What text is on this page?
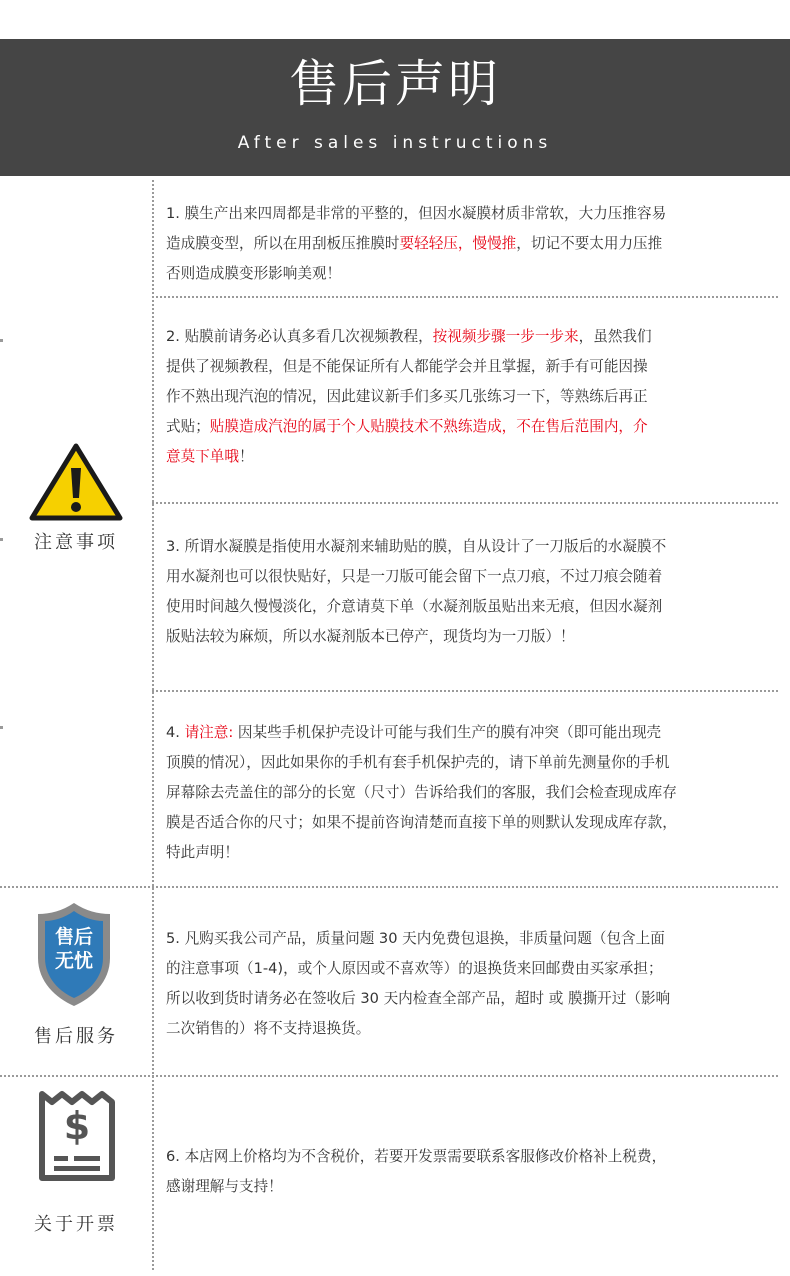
售后声明
After sales instructions
注意事项
售后
无忧
售后服务
$
关于开票

1. 膜生产出来四周都是非常的平整的，但因水凝膜材质非常软，大力压推容易
造成膜变型，所以在用刮板压推膜时要轻轻压，慢慢推，切记不要太用力压推
否则造成膜变形影响美观！

2. 贴膜前请务必认真多看几次视频教程，按视频步骤一步一步来，虽然我们
提供了视频教程，但是不能保证所有人都能学会并且掌握，新手有可能因操
作不熟出现汽泡的情况，因此建议新手们多买几张练习一下，等熟练后再正
式贴；贴膜造成汽泡的属于个人贴膜技术不熟练造成，不在售后范围内，介
意莫下单哦！

3. 所谓水凝膜是指使用水凝剂来辅助贴的膜，自从设计了一刀版后的水凝膜不
用水凝剂也可以很快贴好，只是一刀版可能会留下一点刀痕，不过刀痕会随着
使用时间越久慢慢淡化，介意请莫下单（水凝剂版虽贴出来无痕，但因水凝剂
版贴法较为麻烦，所以水凝剂版本已停产，现货均为一刀版）！

4. 请注意: 因某些手机保护壳设计可能与我们生产的膜有冲突（即可能出现壳
顶膜的情况），因此如果你的手机有套手机保护壳的，请下单前先测量你的手机
屏幕除去壳盖住的部分的长宽（尺寸）告诉给我们的客服，我们会检查现成库存
膜是否适合你的尺寸；如果不提前咨询清楚而直接下单的则默认发现成库存款，
特此声明！

5. 凡购买我公司产品，质量问题 30 天内免费包退换，非质量问题（包含上面
的注意事项（1-4)，或个人原因或不喜欢等）的退换货来回邮费由买家承担；
所以收到货时请务必在签收后 30 天内检查全部产品，超时 或 膜撕开过（影响
二次销售的）将不支持退换货。

6. 本店网上价格均为不含税价，若要开发票需要联系客服修改价格补上税费，
感谢理解与支持！
